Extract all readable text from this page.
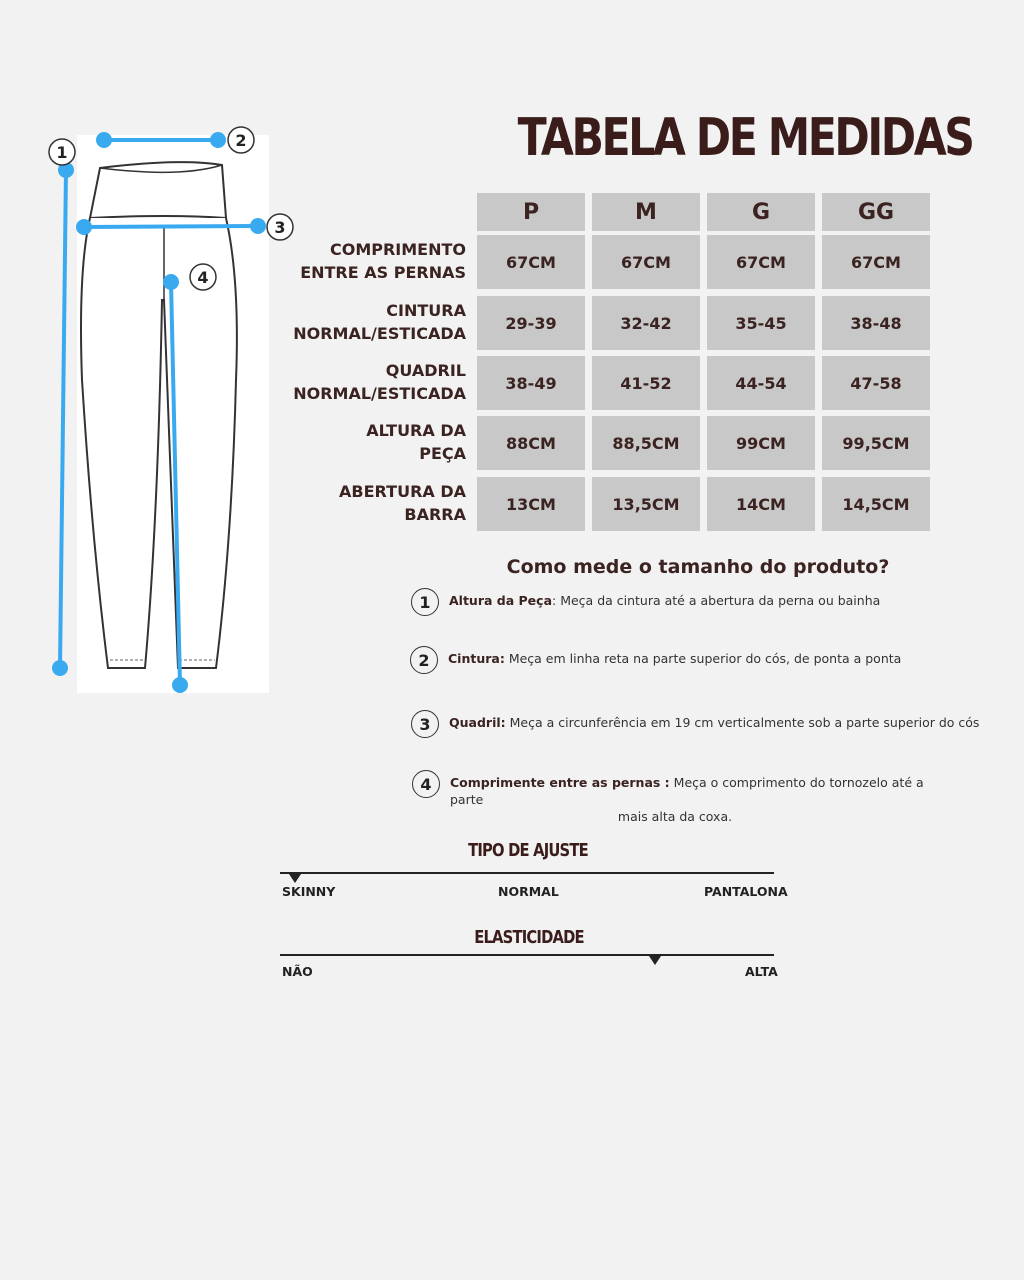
1
2
3
4
TABELA DE MEDIDAS
P	M	G	GG
COMPRIMENTO
ENTRE AS PERNAS
67CM	67CM	67CM	67CM
CINTURA
NORMAL/ESTICADA
29-39	32-42	35-45	38-48
QUADRIL
NORMAL/ESTICADA
38-49	41-52	44-54	47-58
ALTURA DA
PEÇA
88CM	88,5CM	99CM	99,5CM
ABERTURA DA
BARRA
13CM	13,5CM	14CM	14,5CM
Como mede o tamanho do produto?
1	Altura da Peça: Meça da cintura até a abertura da perna ou bainha
2	Cintura: Meça em linha reta na parte superior do cós, de ponta a ponta
3	Quadril: Meça a circunferência em 19 cm verticalmente sob a parte superior do cós
4	Comprimente entre as pernas : Meça o comprimento do tornozelo até a parte
mais alta da coxa.
TIPO DE AJUSTE
SKINNY	NORMAL	PANTALONA
ELASTICIDADE
NÃO	ALTA
